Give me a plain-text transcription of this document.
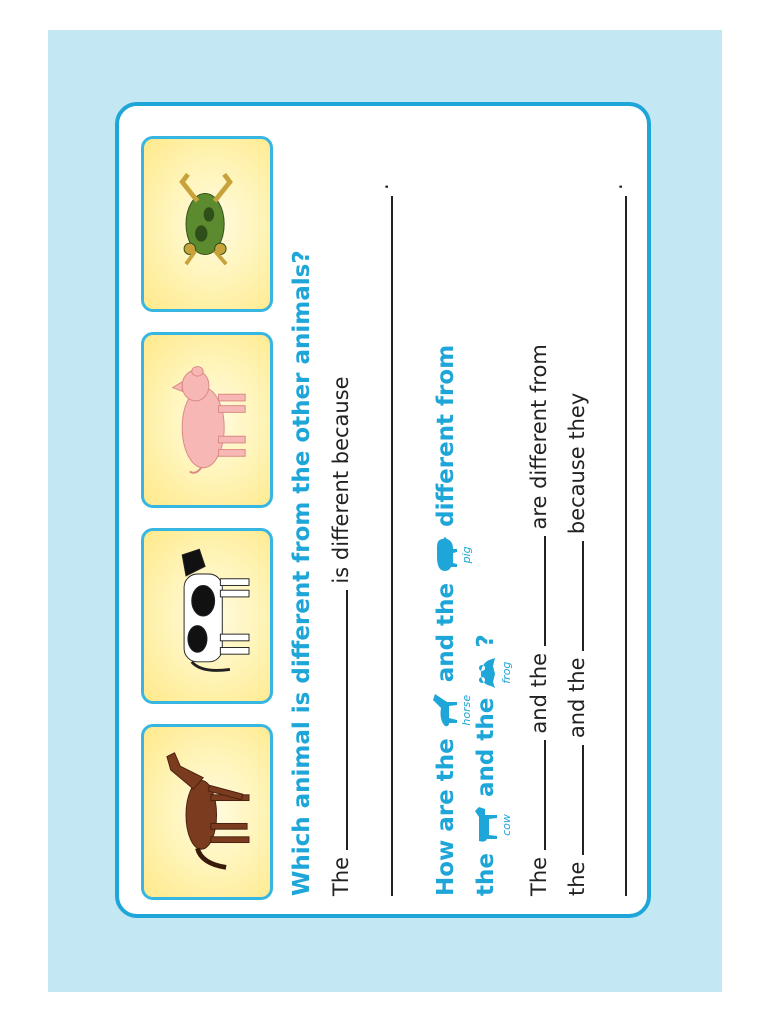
Which animal is different from the other animals? The  is different because
.
How are the
horse
and the
pig
different from
the
cow
and the
frog
?
The  and the  are different from
the  and the  because they
.
